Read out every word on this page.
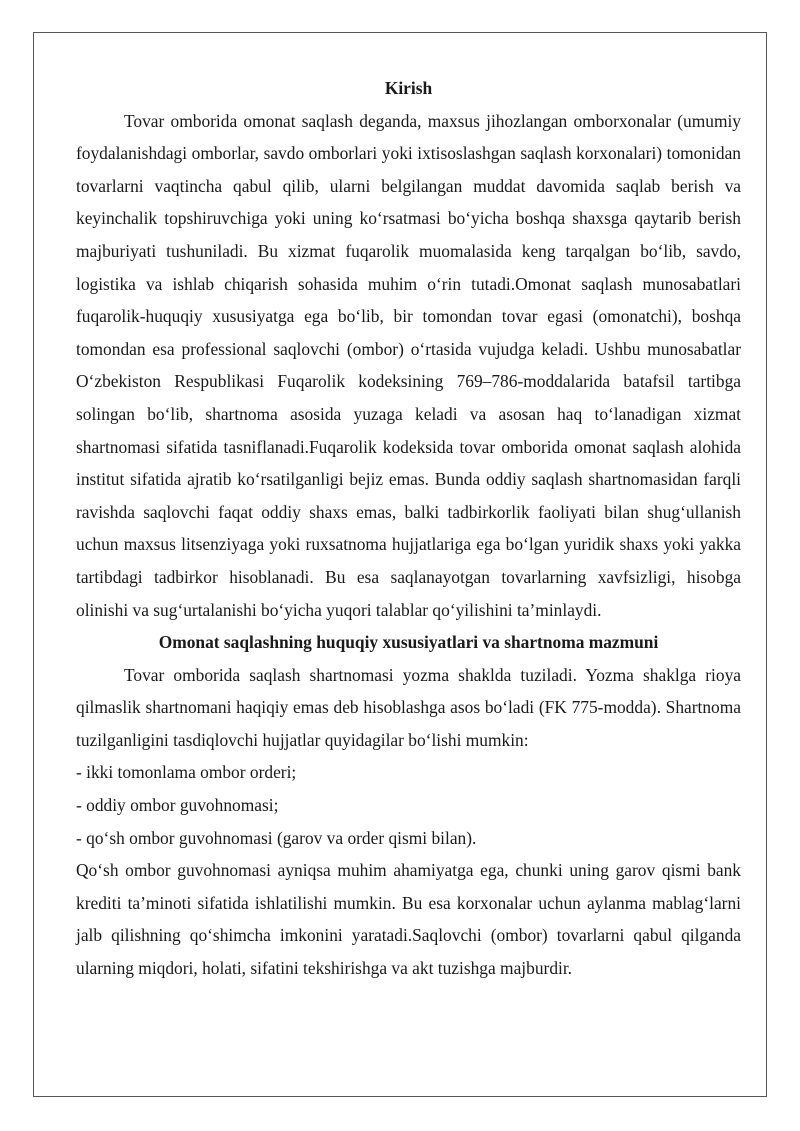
Kirish

Tovar omborida omonat saqlash deganda, maxsus jihozlangan omborxonalar (umumiy foydalanishdagi omborlar, savdo omborlari yoki ixtisoslashgan saqlash korxonalari) tomonidan tovarlarni vaqtincha qabul qilib, ularni belgilangan muddat davomida saqlab berish va keyinchalik topshiruvchiga yoki uning ko‘rsatmasi bo‘yicha boshqa shaxsga qaytarib berish majburiyati tushuniladi. Bu xizmat fuqarolik muomalasida keng tarqalgan bo‘lib, savdo, logistika va ishlab chiqarish sohasida muhim o‘rin tutadi.Omonat saqlash munosabatlari fuqarolik-huquqiy xususiyatga ega bo‘lib, bir tomondan tovar egasi (omonatchi), boshqa tomondan esa professional saqlovchi (ombor) o‘rtasida vujudga keladi. Ushbu munosabatlar O‘zbekiston Respublikasi Fuqarolik kodeksining 769–786-moddalarida batafsil tartibga solingan bo‘lib, shartnoma asosida yuzaga keladi va asosan haq to‘lanadigan xizmat shartnomasi sifatida tasniflanadi.Fuqarolik kodeksida tovar omborida omonat saqlash alohida institut sifatida ajratib ko‘rsatilganligi bejiz emas. Bunda oddiy saqlash shartnomasidan farqli ravishda saqlovchi faqat oddiy shaxs emas, balki tadbirkorlik faoliyati bilan shug‘ullanish uchun maxsus litsenziyaga yoki ruxsatnoma hujjatlariga ega bo‘lgan yuridik shaxs yoki yakka tartibdagi tadbirkor hisoblanadi. Bu esa saqlanayotgan tovarlarning xavfsizligi, hisobga olinishi va sug‘urtalanishi bo‘yicha yuqori talablar qo‘yilishini ta’minlaydi.

Omonat saqlashning huquqiy xususiyatlari va shartnoma mazmuni

Tovar omborida saqlash shartnomasi yozma shaklda tuziladi. Yozma shaklga rioya qilmaslik shartnomani haqiqiy emas deb hisoblashga asos bo‘ladi (FK 775-modda). Shartnoma tuzilganligini tasdiqlovchi hujjatlar quyidagilar bo‘lishi mumkin:

- ikki tomonlama ombor orderi;

- oddiy ombor guvohnomasi;

- qo‘sh ombor guvohnomasi (garov va order qismi bilan).

Qo‘sh ombor guvohnomasi ayniqsa muhim ahamiyatga ega, chunki uning garov qismi bank krediti ta’minoti sifatida ishlatilishi mumkin. Bu esa korxonalar uchun aylanma mablag‘larni jalb qilishning qo‘shimcha imkonini yaratadi.Saqlovchi (ombor) tovarlarni qabul qilganda ularning miqdori, holati, sifatini tekshirishga va akt tuzishga majburdir.
